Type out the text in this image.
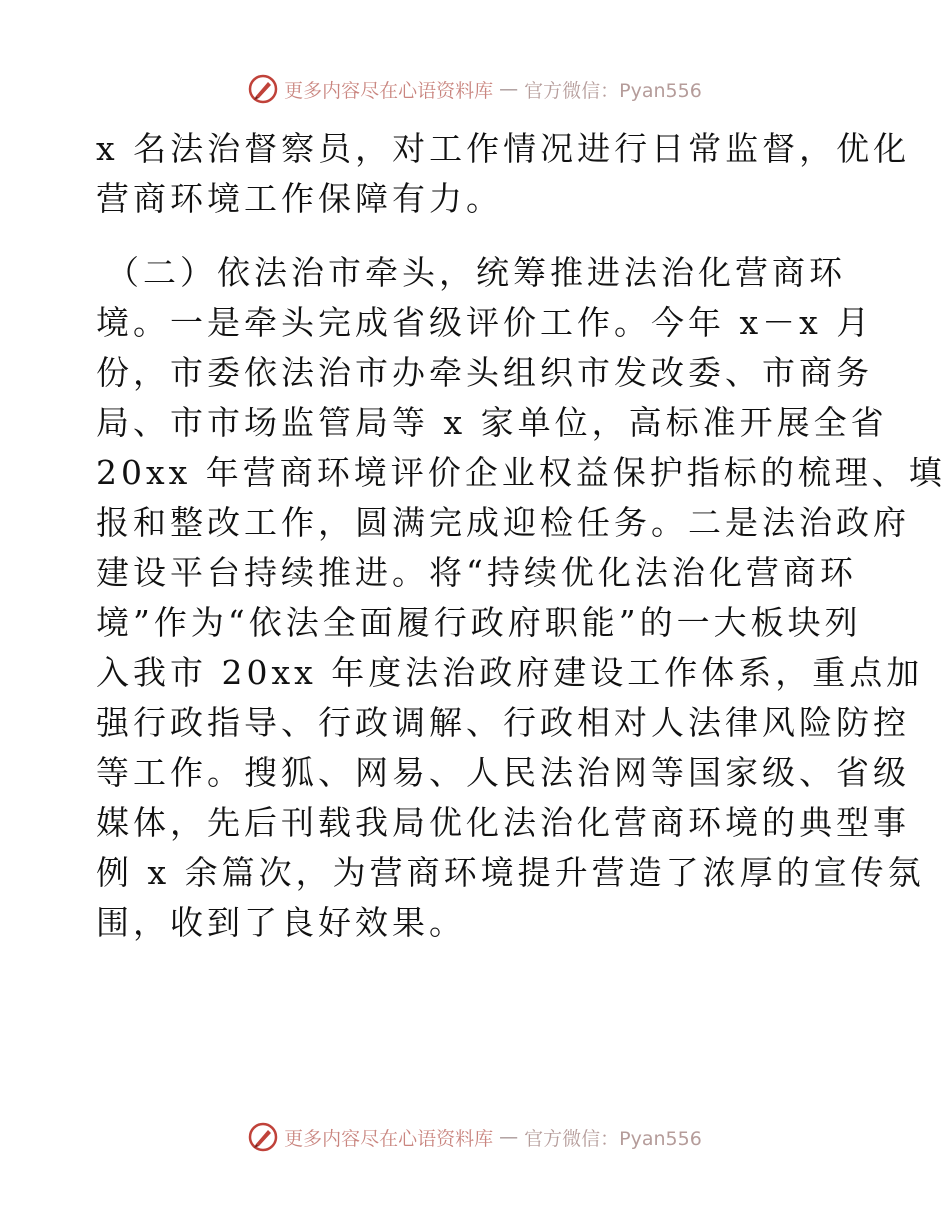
更多内容尽在心语资料库 — 官方微信：Pyan556
x 名法治督察员，对工作情况进行日常监督，优化
营商环境工作保障有力。
（二）依法治市牵头，统筹推进法治化营商环
境。一是牵头完成省级评价工作。今年 x－x 月
份，市委依法治市办牵头组织市发改委、市商务
局、市市场监管局等 x 家单位，高标准开展全省
20xx 年营商环境评价企业权益保护指标的梳理、填
报和整改工作，圆满完成迎检任务。二是法治政府
建设平台持续推进。将“持续优化法治化营商环
境”作为“依法全面履行政府职能”的一大板块列
入我市 20xx 年度法治政府建设工作体系，重点加
强行政指导、行政调解、行政相对人法律风险防控
等工作。搜狐、网易、人民法治网等国家级、省级
媒体，先后刊载我局优化法治化营商环境的典型事
例 x 余篇次，为营商环境提升营造了浓厚的宣传氛
围，收到了良好效果。
更多内容尽在心语资料库 — 官方微信：Pyan556
